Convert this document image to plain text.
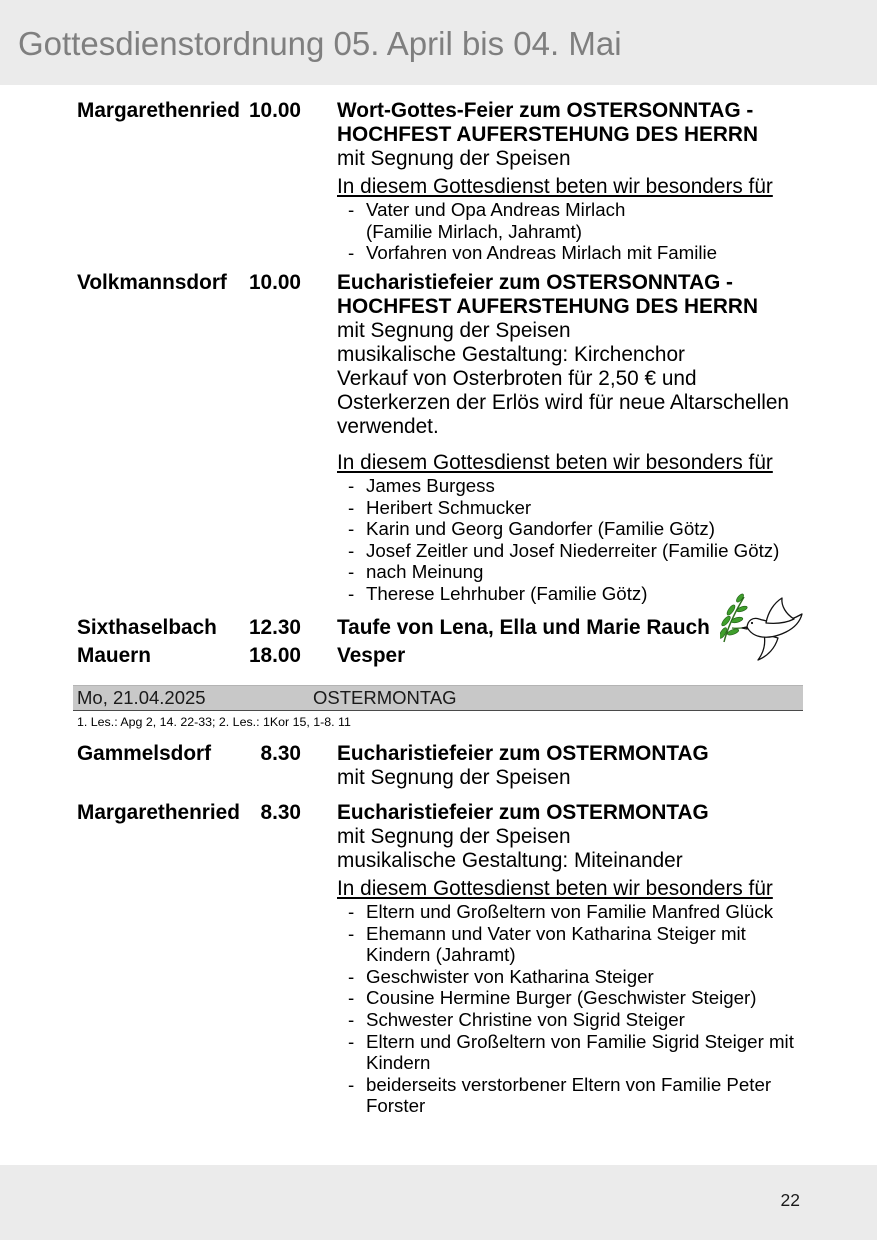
Gottesdienstordnung 05. April bis 04. Mai
Margarethenried 10.00 Wort-Gottes-Feier zum OSTERSONNTAG -
HOCHFEST AUFERSTEHUNG DES HERRN
mit Segnung der Speisen
In diesem Gottesdienst beten wir besonders für
- Vater und Opa Andreas Mirlach
(Familie Mirlach, Jahramt)
- Vorfahren von Andreas Mirlach mit Familie
Volkmannsdorf	10.00 Eucharistiefeier zum OSTERSONNTAG -
HOCHFEST AUFERSTEHUNG DES HERRN
mit Segnung der Speisen
musikalische Gestaltung: Kirchenchor
Verkauf von Osterbroten für 2,50 € und
Osterkerzen der Erlös wird für neue Altarschellen
verwendet.
In diesem Gottesdienst beten wir besonders für
- James Burgess
- Heribert Schmucker
- Karin und Georg Gandorfer (Familie Götz)
- Josef Zeitler und Josef Niederreiter (Familie Götz)
- nach Meinung
- Therese Lehrhuber (Familie Götz)
Sixthaselbach	12.30 Taufe von Lena, Ella und Marie Rauch
Mauern	18.00 Vesper
Mo, 21.04.2025	OSTERMONTAG
1. Les.: Apg 2, 14. 22-33; 2. Les.: 1Kor 15, 1-8. 11
Gammelsdorf	8.30 Eucharistiefeier zum OSTERMONTAG
mit Segnung der Speisen
Margarethenried 8.30 Eucharistiefeier zum OSTERMONTAG
mit Segnung der Speisen
musikalische Gestaltung: Miteinander
In diesem Gottesdienst beten wir besonders für
- Eltern und Großeltern von Familie Manfred Glück
- Ehemann und Vater von Katharina Steiger mit
Kindern (Jahramt)
- Geschwister von Katharina Steiger
- Cousine Hermine Burger (Geschwister Steiger)
- Schwester Christine von Sigrid Steiger
- Eltern und Großeltern von Familie Sigrid Steiger mit
Kindern
- beiderseits verstorbener Eltern von Familie Peter
Forster
22
